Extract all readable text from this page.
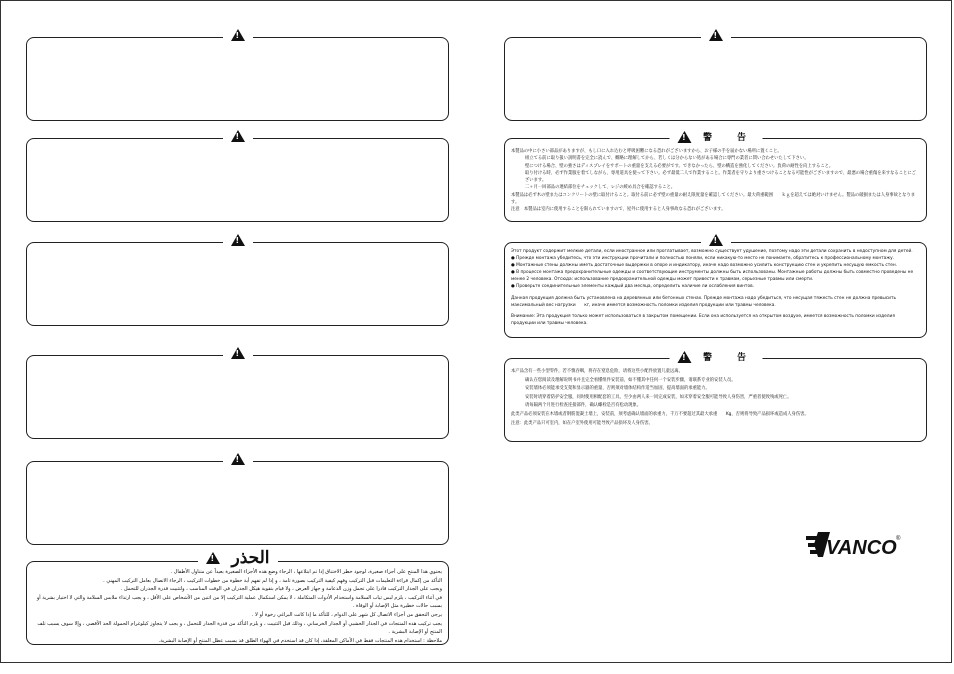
!
!
!
!
!
!
الحذر

يحتوي هذا المنتج على أجزاء صغيرة، لوجود خطر الاختناق إذا تم ابتلاعها ، الرجاء وضع هذه الأجزاء الصغيرة بعيداً عن متناول الأطفال .

التأكد من إكمال قراءة التعليمات قبل التركيب وفهم كيفية التركيب بصورة تامة ، و إذا لم تفهم أية خطوة من خطوات التركيب ، الرجاء الاتصال بعامل التركيب المهني .

ويجب على الجدار التركيب قادرا على تحمل وزن الدعامة و جهاز العرض ، ولا قيام بتقوية هيكل الجدران في الوقت المناسب ، ولتثبيت قدرة الجدران للتحمل .

في أثناء التركيب ، يلزم لبس ثياب السلامة واستخدام الأدوات المتكاملة ، لا يمكن استكمال عملية التركيب إلا من اثنين من الأشخاص على الأقل ، و يجب ارتداء ملابس السلامة والتي لا اختيار بشرية أو بسبب حالات خطيرة مثل الإصابة أو الوفاة .

يرجى التحقق من أجزاء الاتصال كل شهر على الدوام ، للتأكد ما إذا كانت البراغي رخوة أو لا .

يجب تركيب هذه المنتجات في الجدار الخشبي أو الجدار الخرساني ، وذلك قبل التثبيت ، و يلزم التأكد من قدرة الجدار للتحمل ، و يجب لا يتجاوز كيلوغرام الحمولة الحد الأقصى ، وإلا سوف يسبب تلف المنتج أو الإصابة البشرية .

ملاحظة : استخدام هذه المنتجات فقط في الأماكن المغلقة، إذا كان قد استخدم في الهواء الطلق قد يسبب عطل المنتج أو الإصابة البشرية.

!
!
警　告

本製品の中に小さい部品がありますが、もし口に入れ込むと呼吸困難になる恐れがございますから、お子様の手を届かない場所に置くこと。

組立てる前に取り扱い説明書を完全に読んで、概略に理解してから、若しくは分からない処がある場合に専門の業者に問い合わせいたして下さい。

壁につける場合、壁の強さはディスプレイをサポートの重量を支える必要がです。できなかったら、壁の構造を強化してください。負荷の耐性を向上すること。

取り付ける時、必ず作業服を着てしながら、専用道具を使って下さい。必ず最低二人で作業すること。作業者を守りより重さつけることなる可能性がございますので、最悪の場合重傷を来すなることにございます。

二ヶ月一回部品の連結部位をチェックして、レジの緩め具合を確認すること。

本製品は必ず木の壁またはコンクリートの壁に取付けること。取付る前に必ず壁の重量の耐え限度量を確認してください。最大荷重範囲　　ｋｇを超えては絶対いけません。製品の破損または人身事故となります。

注意　本製品は室内に使用することを限られていますので、屋外に使用すると人身事故なる恐れがございます。

!

Этот продукт содержит мелкие детали, если иностранное или проглатывает, возможно существует удушение, поэтому надо эти детали сохранить в недоступном для детей.

● Прежде монтажа убедитесь, что эти инструкции прочитали и полностью поняли, если никакую-то место не понимаете, обратитесь к профессиональному монтажу.

● Монтажные стены должны иметь достаточные выдержки в опоре и индикатору, иначе надо возможно усилить конструкцию стен и укрепить несущую емкость стен.

● В процессе монтажа предохранительные одежды и соответствующие инструменты должны быть использованы. Монтажные работы должны быть совместно проведены не менее 2 человека. Отсюда: использование предохранительной одежды может привести к травмам, серьезные травмы или смерти.

● Проверьте соединительные элементы каждый два месяца, определить наличие ли ослабления винтов.

Данная продукция должна быть установлена на деревянных или бетонных стенах. Прежде монтажа надо убедиться, что несущая тяжесть стен не должна превысить максимальный вес нагрузки　　кг, иначе имеется возможность поломки изделия продукции или травмы человека.

Внимание: Эта продукция только может использоваться в закрытом помещении. Если она используется на открытом воздухе, имеется возможность поломки изделия продукции или травмы человека.

!
警　告

本产品含有一些小型零件，若不慎吞咽，将存在窒息危险，请将这些小配件放置儿童远离。

确认在您阅读及理解说明书并且完全看懂组件安装前，如不懂其中任何一个安装步骤，请联系专业的安装人员。

安装墙体必须能承受支架和显示器的重量，否则须对墙体结构作适当加固，提高墙面的承重能力。

安装时请穿着防护安全服，同时使用相配套的工具，至少由两人来一同完成安装，如未穿着安全服可能导致人身伤害，严重者使致残或死亡。

请每隔两个月进行检查连接部件，确认螺栓是否有松动现象。

此类产品必须安装在木墙或者钢筋混凝土墙上，安装前，须考虑确认墙面的承重力，千万不要超过其最大承重　　Kg，否则将导致产品损坏或造成人身伤害。

注意：此类产品只可室内，如在户室外使用可能导致产品损坏及人身伤害。

VANCO ®
